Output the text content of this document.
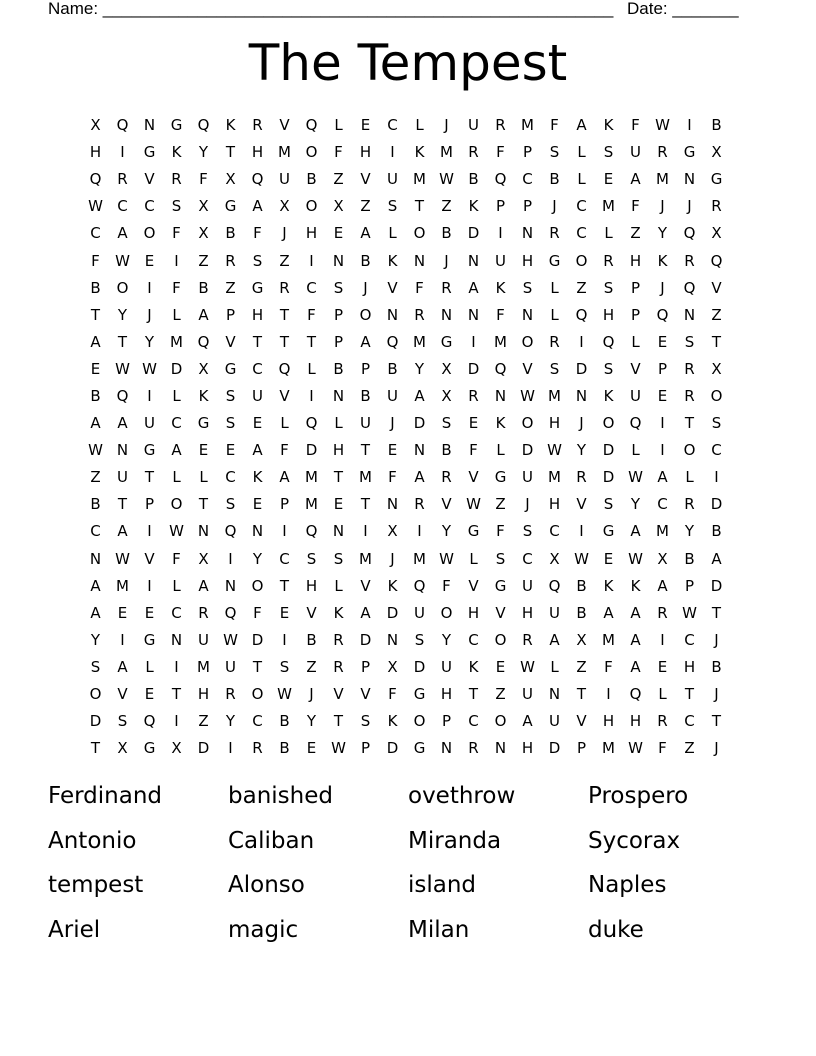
Name: ______________________________________________________ Date: _______
The Tempest
X	Q	N	G	Q	K	R	V	Q	L	E	C	L	J	U	R	M	F	A	K	F	W	I	B
H	I	G	K	Y	T	H M O	F	H	I	K	M	R	F	P	S	L	S	U	R	G	X
Q	R	V	R	F	X	Q	U	B	Z	V	U	M W B	Q	C	B	L	E	A	M N	G
W C	C	S	X	G	A	X	O	X	Z	S	T	Z	K	P	P	J	C	M	F	J	J	R
C	A	O	F	X	B	F	J	H	E	A	L	O	B	D	I	N	R	C	L	Z	Y	Q	X
F	W E	I	Z	R	S	Z	I	N	B	K	N	J	N	U	H	G	O	R	H	K	R	Q
B	O	I	F	B	Z	G	R	C	S	J	V	F	R	A	K	S	L	Z	S	P	J	Q	V
T	Y	J	L	A	P	H	T	F	P	O	N	R	N	N	F	N	L	Q	H	P	Q	N	Z
A	T	Y	M Q	V	T	T	T	P	A	Q M G	I	M O	R	I	Q	L	E	S	T
E W W D	X	G	C	Q	L	B	P	B	Y	X	D	Q	V	S	D	S	V	P	R	X
B	Q	I	L	K	S	U	V	I	N	B	U	A	X	R	N W M N	K	U	E	R	O
A	A	U	C	G	S	E	L	Q	L	U	J	D	S	E	K	O	H	J	O	Q	I	T	S
W N	G	A	E	E	A	F	D	H	T	E	N	B	F	L	D W Y	D	L	I	O	C
Z	U	T	L	L	C	K	A	M	T	M	F	A	R	V	G	U	M	R	D W A	L	I
B	T	P	O	T	S	E	P	M	E	T	N	R	V W Z	J	H	V	S	Y	C	R	D
C	A	I	W N	Q	N	I	Q	N	I	X	I	Y	G	F	S	C	I	G	A	M	Y	B
N W V	F	X	I	Y	C	S	S	M	J	M W	L	S	C	X W E W X	B	A
A	M	I	L	A	N	O	T	H	L	V	K	Q	F	V	G	U	Q	B	K	K	A	P	D
A	E	E	C	R	Q	F	E	V	K	A	D	U	O	H	V	H	U	B	A	A	R W T
Y	I	G	N	U W D	I	B	R	D	N	S	Y	C	O	R	A	X	M	A	I	C	J
S	A	L	I	M	U	T	S	Z	R	P	X	D	U	K	E W	L	Z	F	A	E	H	B
O	V	E	T	H	R	O W	J	V	V	F	G	H	T	Z	U	N	T	I	Q	L	T	J
D	S	Q	I	Z	Y	C	B	Y	T	S	K	O	P	C	O	A	U	V	H	H	R	C	T
T	X	G	X	D	I	R	B	E W	P	D	G	N	R	N	H	D	P	M W	F	Z	J
Ferdinand	banished	ovethrow	Prospero
Antonio	Caliban	Miranda	Sycorax
tempest	Alonso	island	Naples
Ariel	magic	Milan	duke
